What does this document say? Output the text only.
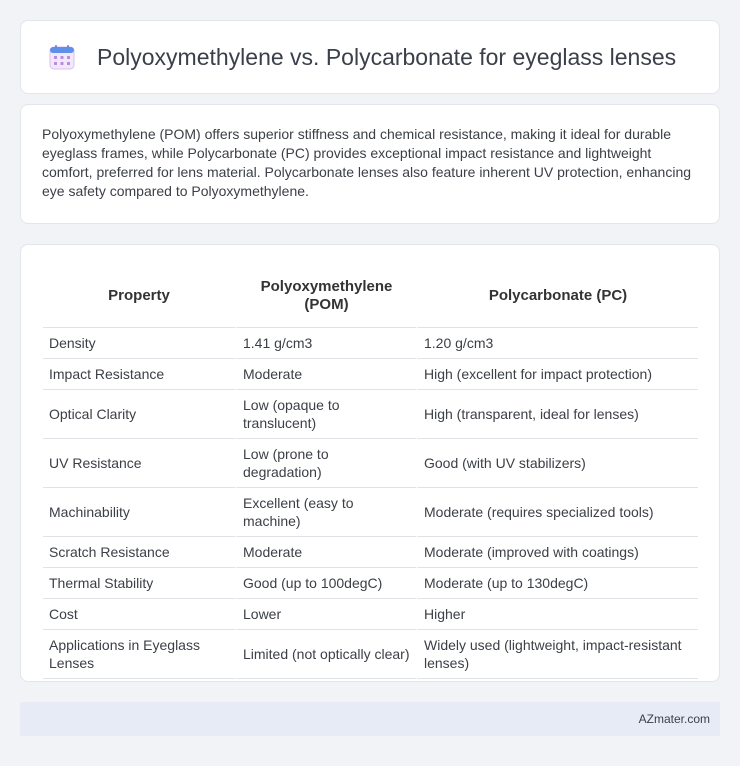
Polyoxymethylene vs. Polycarbonate for eyeglass lenses

Polyoxymethylene (POM) offers superior stiffness and chemical resistance, making it ideal for durable eyeglass frames, while Polycarbonate (PC) provides exceptional impact resistance and lightweight comfort, preferred for lens material. Polycarbonate lenses also feature inherent UV protection, enhancing eye safety compared to Polyoxymethylene.

Property	Polyoxymethylene (POM)	Polycarbonate (PC)
Density	1.41 g/cm3	1.20 g/cm3
Impact Resistance	Moderate	High (excellent for impact protection)
Optical Clarity	Low (opaque to translucent)	High (transparent, ideal for lenses)
UV Resistance	Low (prone to degradation)	Good (with UV stabilizers)
Machinability	Excellent (easy to machine)	Moderate (requires specialized tools)
Scratch Resistance	Moderate	Moderate (improved with coatings)
Thermal Stability	Good (up to 100degC)	Moderate (up to 130degC)
Cost	Lower	Higher
Applications in Eyeglass Lenses	Limited (not optically clear)	Widely used (lightweight, impact-resistant lenses)
AZmater.com
